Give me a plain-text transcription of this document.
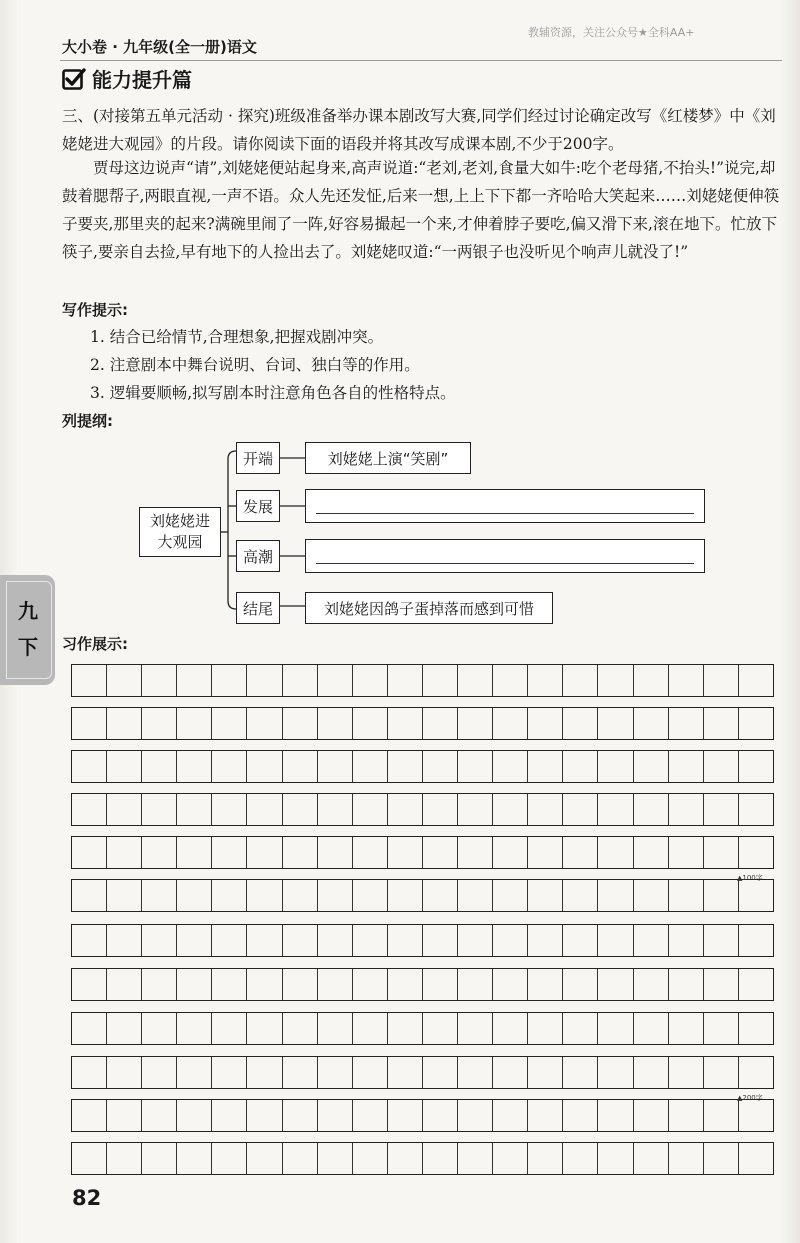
大小卷 · 九年级(全一册)语文
教辅资源，关注公众号★全科AA+
能力提升篇
三、(对接第五单元活动 · 探究)班级准备举办课本剧改写大赛,同学们经过讨论确定改写《红楼梦》中《刘姥姥进大观园》的片段。请你阅读下面的语段并将其改写成课本剧,不少于200字。
贾母这边说声“请”,刘姥姥便站起身来,高声说道:“老刘,老刘,食量大如牛:吃个老母猪,不抬头!”说完,却鼓着腮帮子,两眼直视,一声不语。众人先还发怔,后来一想,上上下下都一齐哈哈大笑起来……刘姥姥便伸筷子要夹,那里夹的起来?满碗里闹了一阵,好容易撮起一个来,才伸着脖子要吃,偏又滑下来,滚在地下。忙放下筷子,要亲自去捡,早有地下的人捡出去了。刘姥姥叹道:“一两银子也没听见个响声儿就没了!”
写作提示:
1. 结合已给情节,合理想象,把握戏剧冲突。
2. 注意剧本中舞台说明、台词、独白等的作用。
3. 逻辑要顺畅,拟写剧本时注意角色各自的性格特点。
列提纲:
刘姥姥进
大观园
开端
发展
高潮
结尾
刘姥姥上演“笑剧”
刘姥姥因鸽子蛋掉落而感到可惜
九
下 习作展示:
▲100字
▲200字
82
